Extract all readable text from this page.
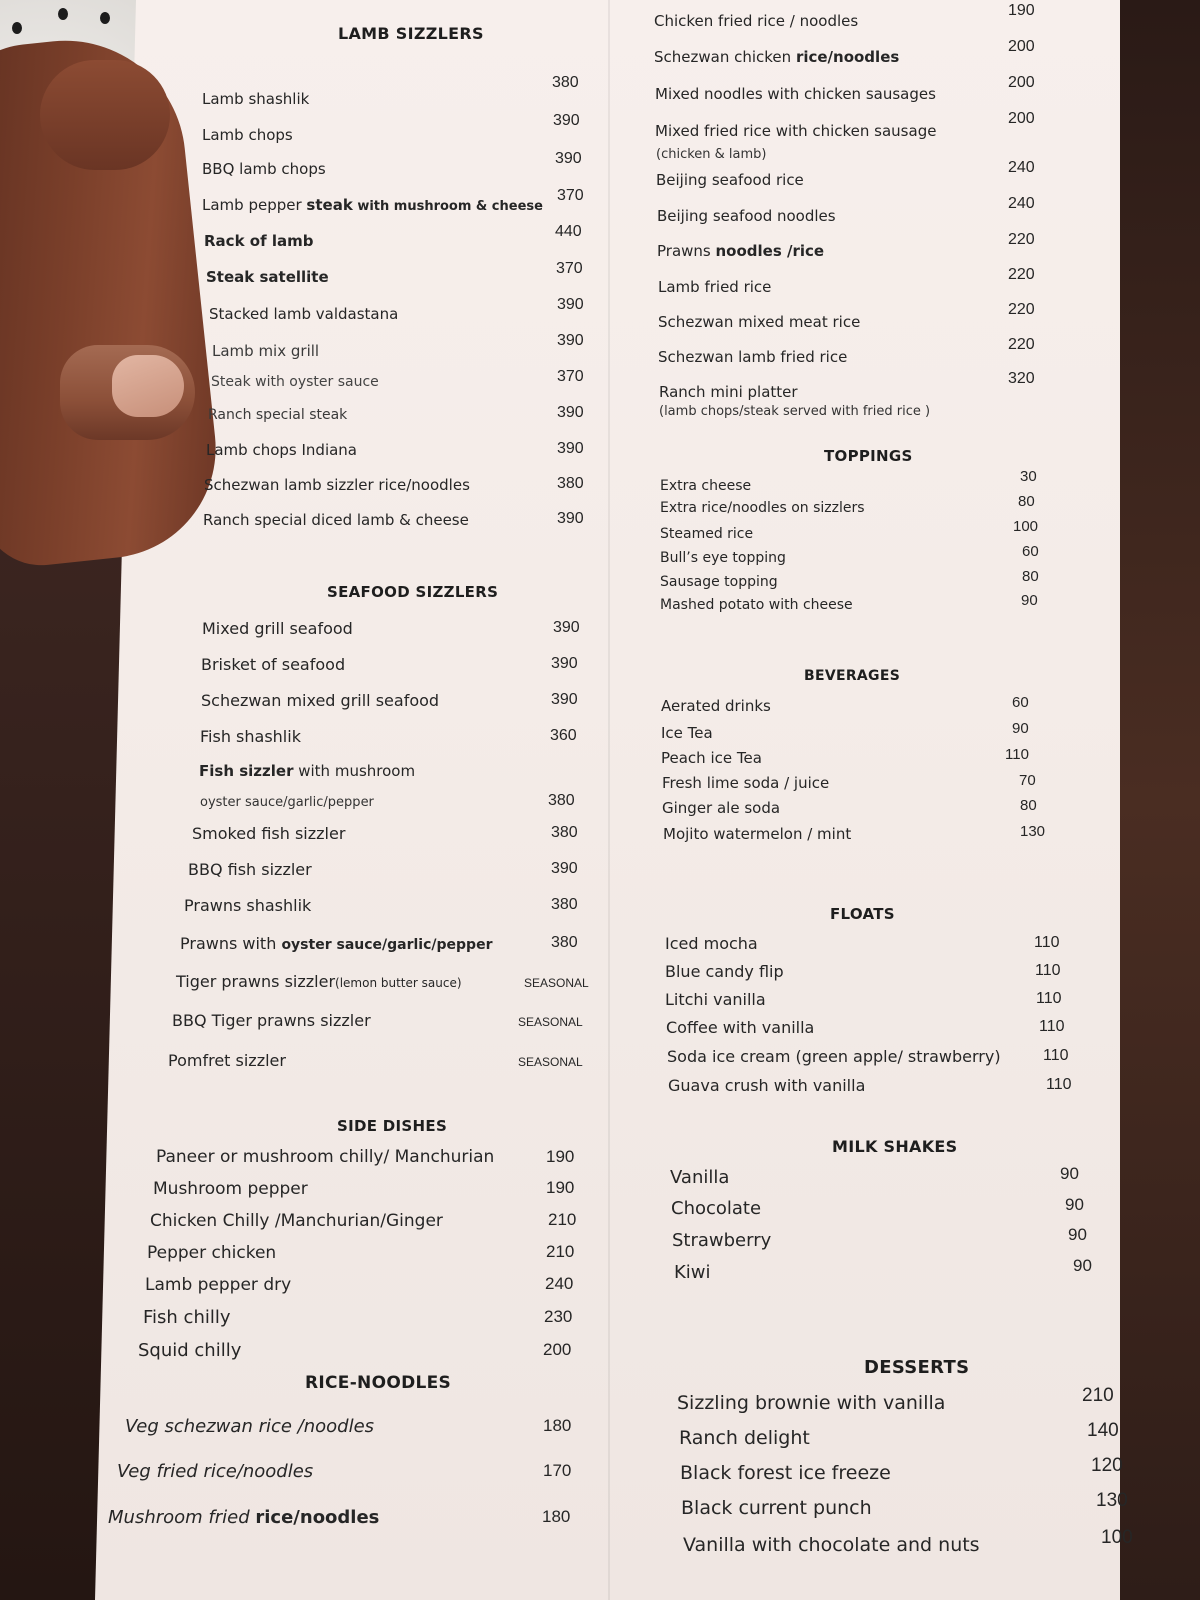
LAMB SIZZLERS
Lamb shashlik
380
Lamb chops
390
BBQ lamb chops
390
Lamb pepper steak with mushroom & cheese
370
Rack of lamb
440
Steak satellite	370
Stacked lamb valdastana
390
Lamb mix grill
390
Steak with oyster sauce	370
Ranch special steak	390
Lamb chops Indiana	390
Schezwan lamb sizzler rice/noodles	380
Ranch special diced lamb & cheese	390
SEAFOOD SIZZLERS
Mixed grill seafood	390
Brisket of seafood	390
Schezwan mixed grill seafood	390
Fish shashlik	360
Fish sizzler with mushroom
oyster sauce/garlic/pepper	380
Smoked fish sizzler	380
BBQ fish sizzler	390
Prawns shashlik	380
Prawns with oyster sauce/garlic/pepper	380
Tiger prawns sizzler(lemon butter sauce)	SEASONAL
BBQ Tiger prawns sizzler	SEASONAL
Pomfret sizzler	SEASONAL
SIDE DISHES
Paneer or mushroom chilly/ Manchurian	190
Mushroom pepper	190
Chicken Chilly /Manchurian/Ginger	210
Pepper chicken	210
Lamb pepper dry	240
Fish chilly	230
Squid chilly	200
RICE-NOODLES
Veg schezwan rice /noodles	180
Veg fried rice/noodles	170
Mushroom fried rice/noodles	180
Chicken fried rice / noodles
190
Schezwan chicken rice/noodles
200
Mixed noodles with chicken sausages
200
Mixed fried rice with chicken sausage
200
(chicken & lamb)
Beijing seafood rice
240
Beijing seafood noodles
240
Prawns noodles /rice
220
Lamb fried rice
220
Schezwan mixed meat rice
220
Schezwan lamb fried rice
220
Ranch mini platter
320
(lamb chops/steak served with fried rice )
TOPPINGS
Extra cheese
30
Extra rice/noodles on sizzlers	80
Steamed rice	100
Bull’s eye topping	60
Sausage topping	80
Mashed potato with cheese	90
BEVERAGES
Aerated drinks	60
Ice Tea	90
Peach ice Tea	110
Fresh lime soda / juice	70
Ginger ale soda	80
Mojito watermelon / mint	130
FLOATS
Iced mocha	110
Blue candy flip	110
Litchi vanilla	110
Coffee with vanilla	110
Soda ice cream (green apple/ strawberry)	110
Guava crush with vanilla	110
MILK SHAKES
Vanilla	90
Chocolate	90
Strawberry	90
Kiwi	90
DESSERTS
Sizzling brownie with vanilla	210
Ranch delight	140
Black forest ice freeze	120
Black current punch	130
Vanilla with chocolate and nuts	100
